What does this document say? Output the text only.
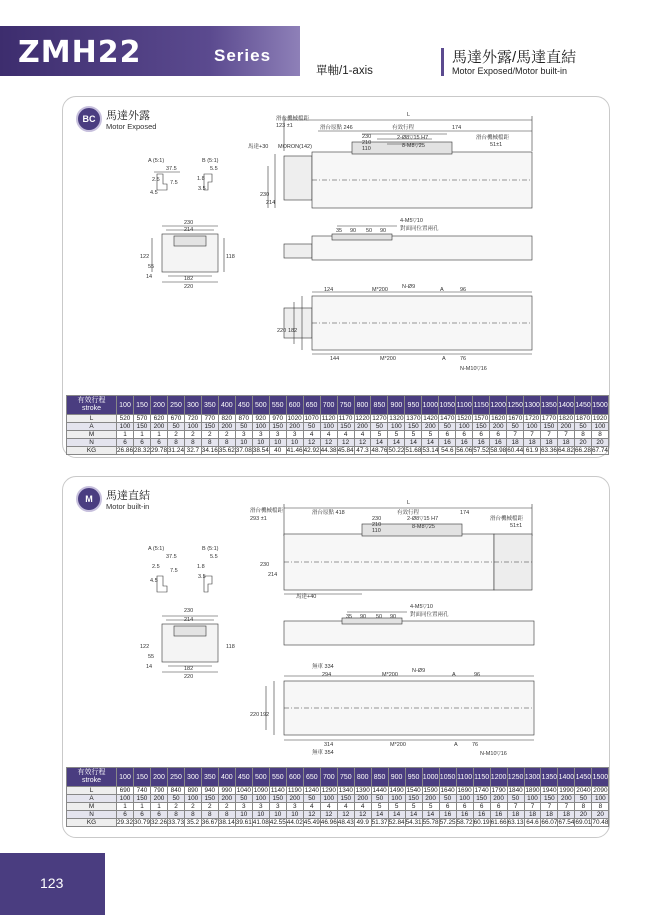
ZMH22	Series
單軸/1-axis
馬達外露/馬達直結
Motor Exposed/Motor built-in
BC 馬達外露
Motor Exposed
L
滑台機械檔距
123 ±1	滑台原點 246	有效行程	174
滑台機械檔距
51±1
馬達+30 MORON(142)
230
210
110
2-Ø8▽15 H7
8-M8▽25
230
214
A (5:1)	B (5:1)
37.5
2.5 7.5
4.5
5.5
1.8
3.5
230
214
182
220
122	118
55
14
35 90 50 90
4-M5▽10
對面同位置兩孔
124	M*200	N-Ø9	A	96
220 182
144	M*200	A	76
N-M10▽16
有效行程
stroke	100	150	200	250	300	350	400	450	500	550	600	650	700	750	800	850	900	950	1000	1050	1100	1150	1200	1250	1300	1350	1400	1450	1500
L	520	570	620	670	720	770	820	870	920	970	1020	1070	1120	1170	1220	1270	1320	1370	1420	1470	1520	1570	1620	1670	1720	1770	1820	1870	1920
A	100	150	200	50	100	150	200	50	100	150	200	50	100	150	200	50	100	150	200	50	100	150	200	50	100	150	200	50	100
M	1	1	1	2	2	2	2	3	3	3	3	4	4	4	4	5	5	5	5	6	6	6	6	7	7	7	7	8	8
N	6	6	6	8	8	8	8	10	10	10	10	12	12	12	12	14	14	14	14	16	16	16	16	18	18	18	18	20	20
KG	26.86	28.32	29.78	31.24	32.7	34.16	35.62	37.08	38.54	40	41.46	42.92	44.38	45.84	47.3	48.76	50.22	51.68	53.14	54.6	56.06	57.52	58.98	60.44	61.9	63.36	64.82	66.28	67.74
M	馬達直結
Motor built-in	L
滑台機械檔距
293 ±1
滑台原點 418	有效行程	174
滑台機械檔距
51±1
馬達+40
230
210
110
2-Ø8▽15 H7
8-M8▽25
230
214
A (5:1)	B (5:1)
37.5
2.5
7.5
4.5
5.5
1.8
3.5
230
214
182
220
122	118
55
14
35 90 50 90
4-M5▽10
對面同位置兩孔
無車 334
294	M*200
N-Ø9
A	96
220 192
314	M*200	A	76
無車 354	N-M10▽16
有效行程
stroke	100	150	200	250	300	350	400	450	500	550	600	650	700	750	800	850	900	950	1000	1050	1100	1150	1200	1250	1300	1350	1400	1450	1500
L	690	740	790	840	890	940	990	1040	1090	1140	1190	1240	1290	1340	1390	1440	1490	1540	1590	1640	1690	1740	1790	1840	1890	1940	1990	2040	2090
A	100	150	200	50	100	150	200	50	100	150	200	50	100	150	200	50	100	150	200	50	100	150	200	50	100	150	200	50	100
M	1	1	1	2	2	2	2	3	3	3	3	4	4	4	4	5	5	5	5	6	6	6	6	7	7	7	7	8	8
N	6	6	6	8	8	8	8	10	10	10	10	12	12	12	12	14	14	14	14	16	16	16	16	18	18	18	18	20	20
KG	29.32	30.79	32.26	33.73	35.2	36.67	38.14	39.61	41.08	42.55	44.02	45.49	46.96	48.43	49.9	51.37	52.84	54.31	55.78	57.25	58.72	60.19	61.66	63.13	64.6	66.07	67.54	69.01	70.48
123
